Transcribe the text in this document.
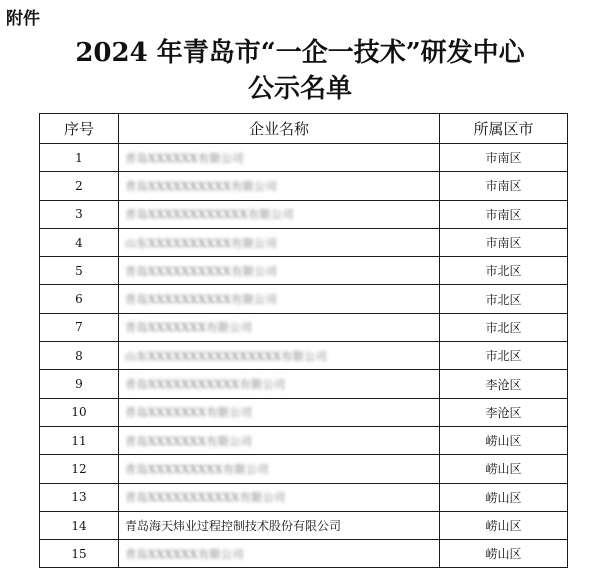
附件
2024 年青岛市“一企一技术”研发中心
公示名单
序号	企业名称	所属区市
1	青岛XXXXXX有限公司	市南区
2	青岛XXXXXXXXXX有限公司	市南区
3	青岛XXXXXXXXXXXX有限公司	市南区
4	山东XXXXXXXXXX有限公司	市南区
5	青岛XXXXXXXXXX有限公司	市北区
6	青岛XXXXXXXXXX有限公司	市北区
7	青岛XXXXXXX有限公司	市北区
8	山东XXXXXXXXXXXXXXXX有限公司	市北区
9	青岛XXXXXXXXXXX有限公司	李沧区
10	青岛XXXXXXX有限公司	李沧区
11	青岛XXXXXXX有限公司	崂山区
12	青岛XXXXXXXXX有限公司	崂山区
13	青岛XXXXXXXXXXX有限公司	崂山区
14	青岛海天炜业过程控制技术股份有限公司	崂山区
15	青岛XXXXXX有限公司	崂山区
